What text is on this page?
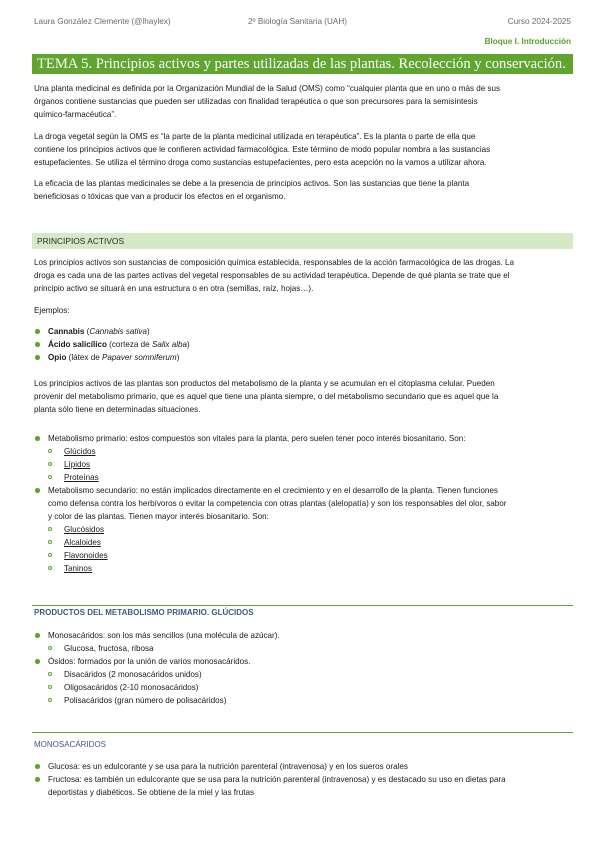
Laura González Clemente (@lhaylex)	2º Biología Sanitaria (UAH)	Curso 2024-2025
Bloque I. Introducción
TEMA 5. Principios activos y partes utilizadas de las plantas. Recolección y conservación.
Una planta medicinal es definida por la Organización Mundial de la Salud (OMS) como “cualquier planta que en uno o más de sus
órganos contiene sustancias que pueden ser utilizadas con finalidad terapéutica o que son precursores para la semisíntesis
químico-farmacéutica”.
La droga vegetal según la OMS es “la parte de la planta medicinal utilizada en terapéutica”. Es la planta o parte de ella que
contiene los principios activos que le confieren actividad farmacológica. Este término de modo popular nombra a las sustancias
estupefacientes. Se utiliza el término droga como sustancias estupefacientes, pero esta acepción no la vamos a utilizar ahora.
La eficacia de las plantas medicinales se debe a la presencia de principios activos. Son las sustancias que tiene la planta
beneficiosas o tóxicas que van a producir los efectos en el organismo.
PRINCIPIOS ACTIVOS
Los principios activos son sustancias de composición química establecida, responsables de la acción farmacológica de las drogas. La
droga es cada una de las partes activas del vegetal responsables de su actividad terapéutica. Depende de qué planta se trate que el
principio activo se situará en una estructura o en otra (semillas, raíz, hojas…).
Ejemplos:
Cannabis (Cannabis sativa)
Ácido salicílico (corteza de Salix alba)
Opio (látex de Papaver somniferum)
Los principios activos de las plantas son productos del metabolismo de la planta y se acumulan en el citoplasma celular. Pueden
provenir del metabolismo primario, que es aquel que tiene una planta siempre, o del metabolismo secundario que es aquel que la
planta sólo tiene en determinadas situaciones.
Metabolismo primario: estos compuestos son vitales para la planta, pero suelen tener poco interés biosanitario. Son:
Glúcidos
Lípidos
Proteínas
Metabolismo secundario: no están implicados directamente en el crecimiento y en el desarrollo de la planta. Tienen funciones
como defensa contra los herbívoros o evitar la competencia con otras plantas (alelopatía) y son los responsables del olor, sabor
y color de las plantas. Tienen mayor interés biosanitario. Son:
Glucósidos
Alcaloides
Flavonoides
Taninos
PRODUCTOS DEL METABOLISMO PRIMARIO. GLÚCIDOS
Monosacáridos: son los más sencillos (una molécula de azúcar).
Glucosa, fructosa, ribosa
Ósidos: formados por la unión de varios monosacáridos.
Disacáridos (2 monosacáridos unidos)
Oligosacáridos (2-10 monosacáridos)
Polisacáridos (gran número de polisacáridos)
MONOSACÁRIDOS
Glucosa: es un edulcorante y se usa para la nutrición parenteral (intravenosa) y en los sueros orales
Fructosa: es también un edulcorante que se usa para la nutrición parenteral (intravenosa) y es destacado su uso en dietas para
deportistas y diabéticos. Se obtiene de la miel y las frutas
